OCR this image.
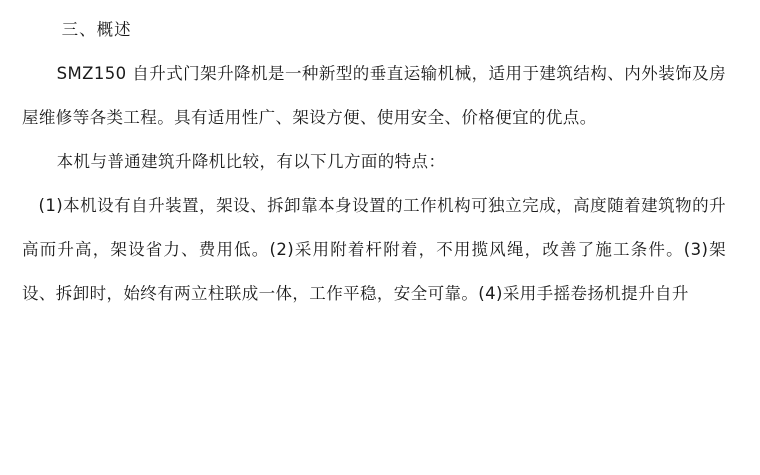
三、概述

SMZ150 自升式门架升降机是一种新型的垂直运输机械，适用于建筑结构、内外装饰及房屋维修等各类工程。具有适用性广、架设方便、使用安全、价格便宜的优点。

本机与普通建筑升降机比较，有以下几方面的特点：

(1)本机设有自升装置，架设、拆卸靠本身设置的工作机构可独立完成，高度随着建筑物的升高而升高，架设省力、费用低。(2)采用附着杆附着，不用揽风绳，改善了施工条件。(3)架设、拆卸时，始终有两立柱联成一体，工作平稳，安全可靠。(4)采用手摇卷扬机提升自升
